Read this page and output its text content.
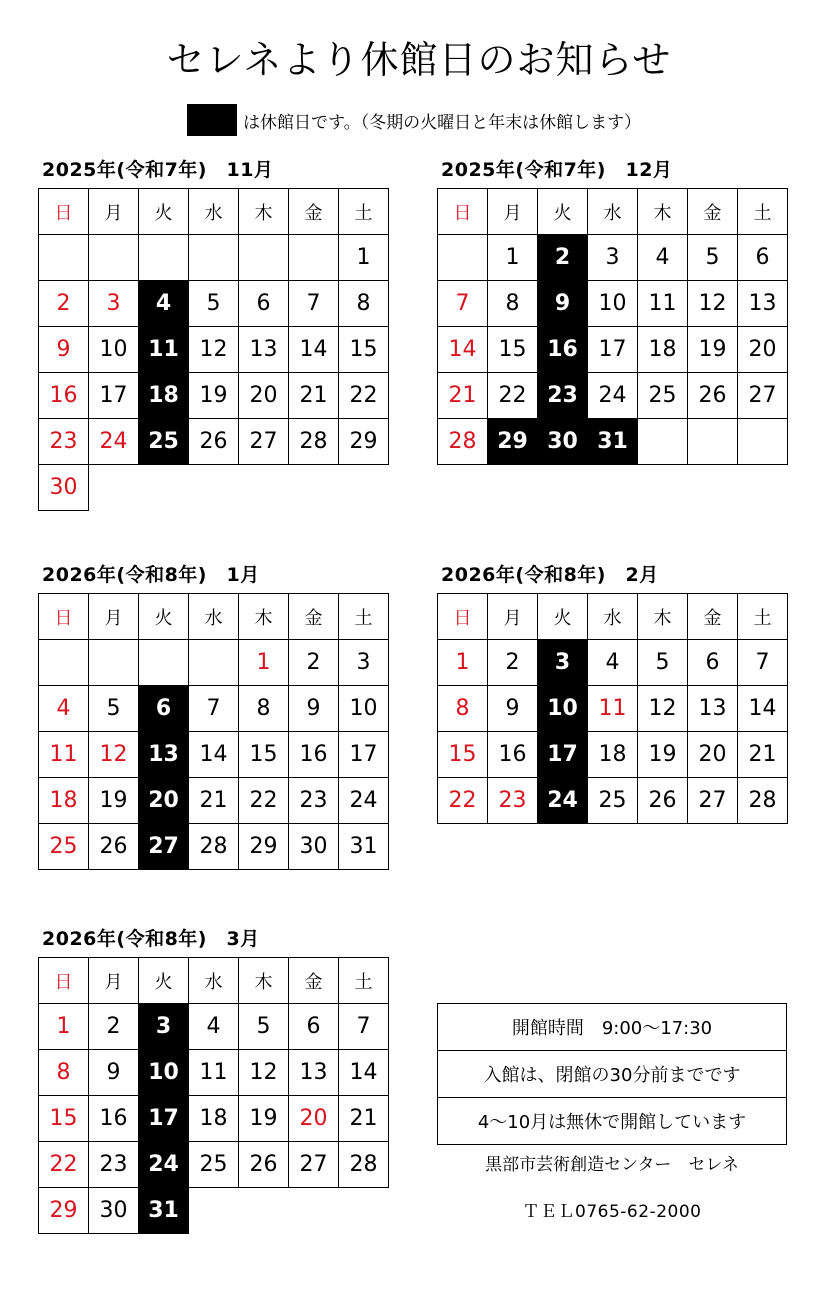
セレネより休館日のお知らせ
は休館日です。（冬期の火曜日と年末は休館します）
2025年(令和7年)　11月
日	月	火	水	木	金	土
						1
2	3	4	5	6	7	8
9	10	11	12	13	14	15
16	17	18	19	20	21	22
23	24	25	26	27	28	29
30						
2025年(令和7年)　12月
日	月	火	水	木	金	土
	1	2	3	4	5	6
7	8	9	10	11	12	13
14	15	16	17	18	19	20
21	22	23	24	25	26	27
28	29	30	31			
2026年(令和8年)　1月
日	月	火	水	木	金	土
				1	2	3
4	5	6	7	8	9	10
11	12	13	14	15	16	17
18	19	20	21	22	23	24
25	26	27	28	29	30	31
2026年(令和8年)　2月
日	月	火	水	木	金	土
1	2	3	4	5	6	7
8	9	10	11	12	13	14
15	16	17	18	19	20	21
22	23	24	25	26	27	28
2026年(令和8年)　3月
日	月	火	水	木	金	土
1	2	3	4	5	6	7
8	9	10	11	12	13	14
15	16	17	18	19	20	21
22	23	24	25	26	27	28
29	30	31				
開館時間　9:00～17:30
入館は、閉館の30分前までです
4～10月は無休で開館しています
黒部市芸術創造センター　セレネ
ＴＥＬ0765-62-2000
